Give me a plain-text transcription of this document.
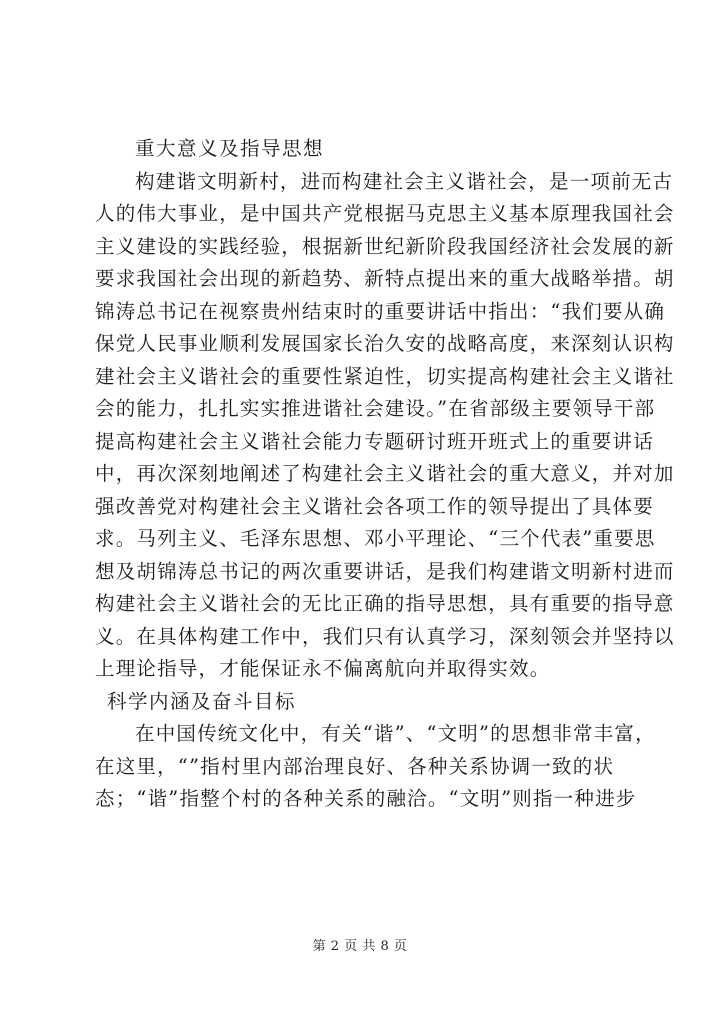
重大意义及指导思想
构建谐文明新村，进而构建社会主义谐社会，是一项前无古
人的伟大事业，是中国共产党根据马克思主义基本原理我国社会
主义建设的实践经验，根据新世纪新阶段我国经济社会发展的新
要求我国社会出现的新趋势、新特点提出来的重大战略举措。胡
锦涛总书记在视察贵州结束时的重要讲话中指出：“我们要从确
保党人民事业顺利发展国家长治久安的战略高度，来深刻认识构
建社会主义谐社会的重要性紧迫性，切实提高构建社会主义谐社
会的能力，扎扎实实推进谐社会建设。”在省部级主要领导干部
提高构建社会主义谐社会能力专题研讨班开班式上的重要讲话
中，再次深刻地阐述了构建社会主义谐社会的重大意义，并对加
强改善党对构建社会主义谐社会各项工作的领导提出了具体要
求。马列主义、毛泽东思想、邓小平理论、“三个代表”重要思
想及胡锦涛总书记的两次重要讲话，是我们构建谐文明新村进而
构建社会主义谐社会的无比正确的指导思想，具有重要的指导意
义。在具体构建工作中，我们只有认真学习，深刻领会并坚持以
上理论指导，才能保证永不偏离航向并取得实效。
科学内涵及奋斗目标
在中国传统文化中，有关“谐”、“文明”的思想非常丰富，
在这里，“”指村里内部治理良好、各种关系协调一致的状
态；“谐”指整个村的各种关系的融洽。“文明”则指一种进步
第 2 页 共 8 页
